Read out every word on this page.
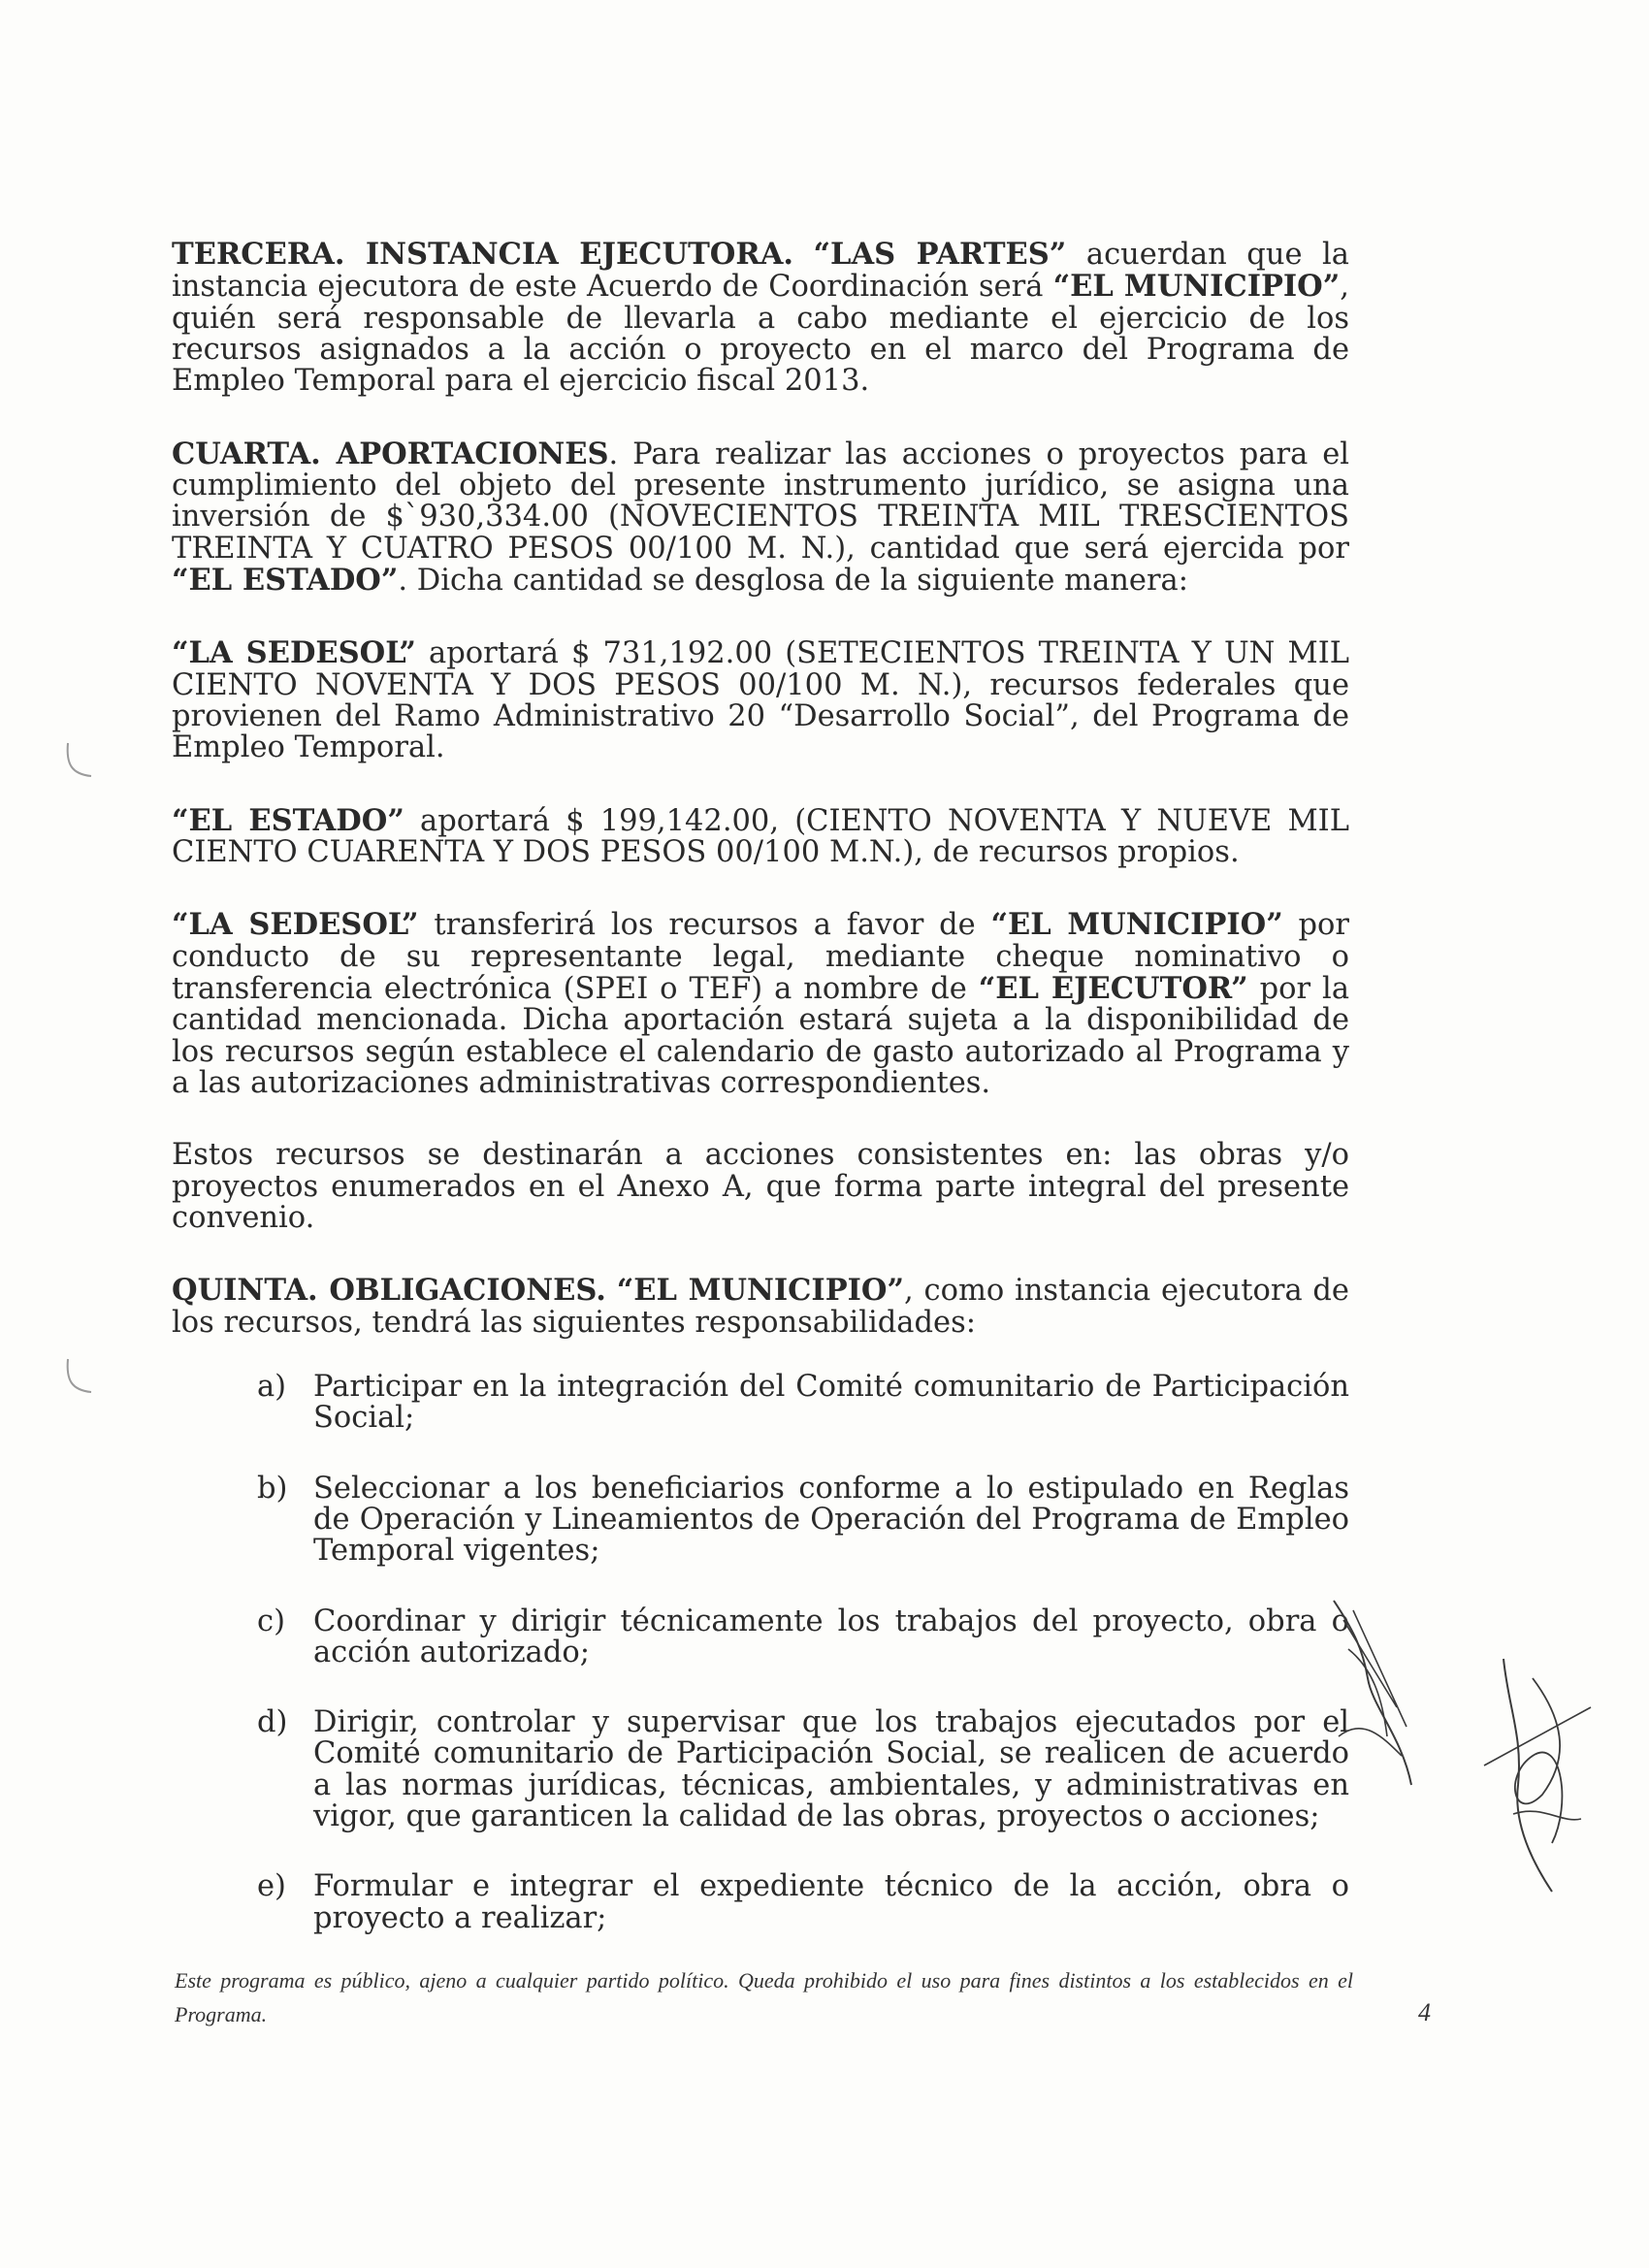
TERCERA. INSTANCIA EJECUTORA. “LAS PARTES” acuerdan que la instancia ejecutora de este Acuerdo de Coordinación será “EL MUNICIPIO”, quién será responsable de llevarla a cabo mediante el ejercicio de los recursos asignados a la acción o proyecto en el marco del Programa de Empleo Temporal para el ejercicio fiscal 2013.

CUARTA. APORTACIONES. Para realizar las acciones o proyectos para el cumplimiento del objeto del presente instrumento jurídico, se asigna una inversión de $`930,334.00 (NOVECIENTOS TREINTA MIL TRESCIENTOS TREINTA Y CUATRO PESOS 00/100 M. N.), cantidad que será ejercida por “EL ESTADO”. Dicha cantidad se desglosa de la siguiente manera:

“LA SEDESOL” aportará $ 731,192.00 (SETECIENTOS TREINTA Y UN MIL CIENTO NOVENTA Y DOS PESOS 00/100 M. N.), recursos federales que provienen del Ramo Administrativo 20 “Desarrollo Social”, del Programa de Empleo Temporal.

“EL ESTADO” aportará $ 199,142.00, (CIENTO NOVENTA Y NUEVE MIL CIENTO CUARENTA Y DOS PESOS 00/100 M.N.), de recursos propios.

“LA SEDESOL” transferirá los recursos a favor de “EL MUNICIPIO” por conducto de su representante legal, mediante cheque nominativo o transferencia electrónica (SPEI o TEF) a nombre de “EL EJECUTOR” por la cantidad mencionada. Dicha aportación estará sujeta a la disponibilidad de los recursos según establece el calendario de gasto autorizado al Programa y a las autorizaciones administrativas correspondientes.

Estos recursos se destinarán a acciones consistentes en: las obras y/o proyectos enumerados en el Anexo A, que forma parte integral del presente convenio.

QUINTA. OBLIGACIONES. “EL MUNICIPIO”, como instancia ejecutora de los recursos, tendrá las siguientes responsabilidades:

a) Participar en la integración del Comité comunitario de Participación Social;
b) Seleccionar a los beneficiarios conforme a lo estipulado en Reglas de Operación y Lineamientos de Operación del Programa de Empleo Temporal vigentes;
c) Coordinar y dirigir técnicamente los trabajos del proyecto, obra o acción autorizado;
d) Dirigir, controlar y supervisar que los trabajos ejecutados por el Comité comunitario de Participación Social, se realicen de acuerdo a las normas jurídicas, técnicas, ambientales, y administrativas en vigor, que garanticen la calidad de las obras, proyectos o acciones;
e) Formular e integrar el expediente técnico de la acción, obra o proyecto a realizar;
Este programa es público, ajeno a cualquier partido político. Queda prohibido el uso para fines distintos a los establecidos en el Programa.	4
